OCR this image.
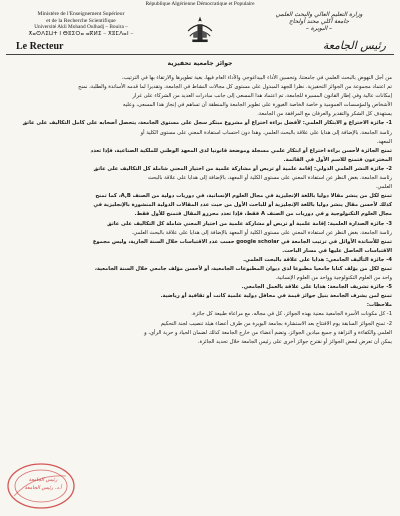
République Algérienne Démocratique et Populaire
Ministère de l'Enseignement Supérieur
et de la Recherche Scientifique
Université Akli Mohand Oulhadj – Bouira –
ⵅⴰⵙⴷⵉⵡⵜ ⵏ ⴱⵓⵉⵔⴰ ⴰⴽⵍⵉ – ⵅⵓⵎⴷⴰⵏ –
Le Recteur
وزارة التعليم العالي والبحث العلمي
جامعة أكلي محند أولحاج
– البويرة –
رئيس الجامعة
جوائز جامعية تحفيزية

من أجل النهوض بالبحث العلمي في جامعتنا، وتحسين الأداء البيداغوجي والأداء العام فيها، بغية تطويرها والارتقاء بها في الترتيب،

تم اعتماد مجموعة من الجوائز التحفيزية. نظرا للجهد المبذول على مستوى كل مجالات النشاط في الجامعة، وتقديرا لما قدمه الأساتذة والطلبة، نمنح

إمكانات عالية وفي إطار القانون المسيرة للجامعة، تم اعتماد هذا المسعى إلى جانب مبادرات العديد من الشركاء على غرار

الأشخاص والمؤسسات العمومية و خاصة الخاصة الغيورة على تطوير الجامعة والمنطقة أن تساهم في إنجاز هذا المسعى، وعليه

يستهدف كل الشكر والتقدير والعرفان مع المرافقة من الجامعة.

1- جائزة الاختراع و الابتكار العلمي: لأفضل براءة اختراع أو مشروع مبتكر سجل على مستوى الجامعة، يتحصل أصحابه على كامل التكاليف على عاتق

رئاسة الجامعة، بالإضافة إلى هدايا على علاقة بالبحث العلمي. وهذا دون احتساب استفادة المعني على مستوى الكلية أو

المعهد.

تمنح الجائزة لأحسن براءة اختراع أو ابتكار علمي مسجلة وموضعة قانونيا لدى المعهد الوطني للملكية الصناعية، فإذا تعدد

المخترعون فتمنح للاسم الأول في القائمة.

2- جائزة النشر العلمي الدولي: إقامة علمية أو تربص أو مشاركة علمية من اختيار المعني شاملة كل التكاليف على عاتق

رئاسة الجامعة، بغض النظر عن استفادة المعني على مستوى الكلية أو المعهد، بالإضافة إلى هدايا على علاقة بالبحث

العلمي.

تمنح لكل من ينشر مقالا دوليا باللغة الإنجليزية في مجال العلوم الإنسانية، في دوريات دولية من الصنف A,B، كما تمنح

كذلك لأحسن مقال ينشر دوليا باللغة الإنجليزية أو للباحث الأول من حيث عدد المقالات الدولية المنشورة بالإنجليزية في

مجال العلوم التكنولوجية و في دوريات من الصنف A فقط، فإذا تعدد محررو المقال فتمنح للأول فقط.

3- جائزة الصدارة العلمية: إقامة علمية أو تربص أو مشاركة علمية من اختيار المعني شاملة كل التكاليف على عاتق

رئاسة الجامعة، بغض النظر عن استفادة المعني على مستوى الكلية أو المعهد بالإضافة إلى هدايا على علاقة بالبحث العلمي.

تمنح للأساتذة الأوائل في ترتيب الجامعة في google scholar حسب عدد الاقتباسات خلال السنة الجارية، وليس مجموع

الاقتباسات الحاصل عليها في مسار الباحث.

4- جائزة التأليف الجامعي: هدايا على علاقة بالبحث العلمي.

تمنح لكل من يؤلف كتابا جامعيا مطبوعا لدى ديوان المطبوعات الجامعية، أو لأحسن مؤلف جامعي خلال السنة الجامعية،

واحد من العلوم التكنولوجية وواحد من العلوم الإنسانية.

5- جائزة تشريف الجامعة: هدايا على علاقة بالعمل الجامعي.

تمنح لمن يشرف الجامعة بنيل جوائز قيمة في محافل دولية علمية كانت أو ثقافية أو رياضية.

ملاحظات:

1- كل مكونات الأسرة الجامعية معنية بهذه الجوائز، كل في مجاله، مع مراعاة طبيعة كل جائزة.

2- تمنح الجوائز السابقة يوم الافتتاح بعد الاستشارة بجامعة البويرة من طرف أعضاء هيئة تنصيب لجنة التحكيم

العلمي والكفاءة و النزاهة و جميع ميادين الجوائز، وتضم أعضاء من خارج الجامعة كذلك لضمان الحياد و حرية الرأي، و

يمكن أن تعرض لبعض الجوائز أو نقترح جوائز أخرى على رئيس الجامعة خلال تحديد الجائزة.

رئيس الجامعة
أ.د. رئيس الجامعة
